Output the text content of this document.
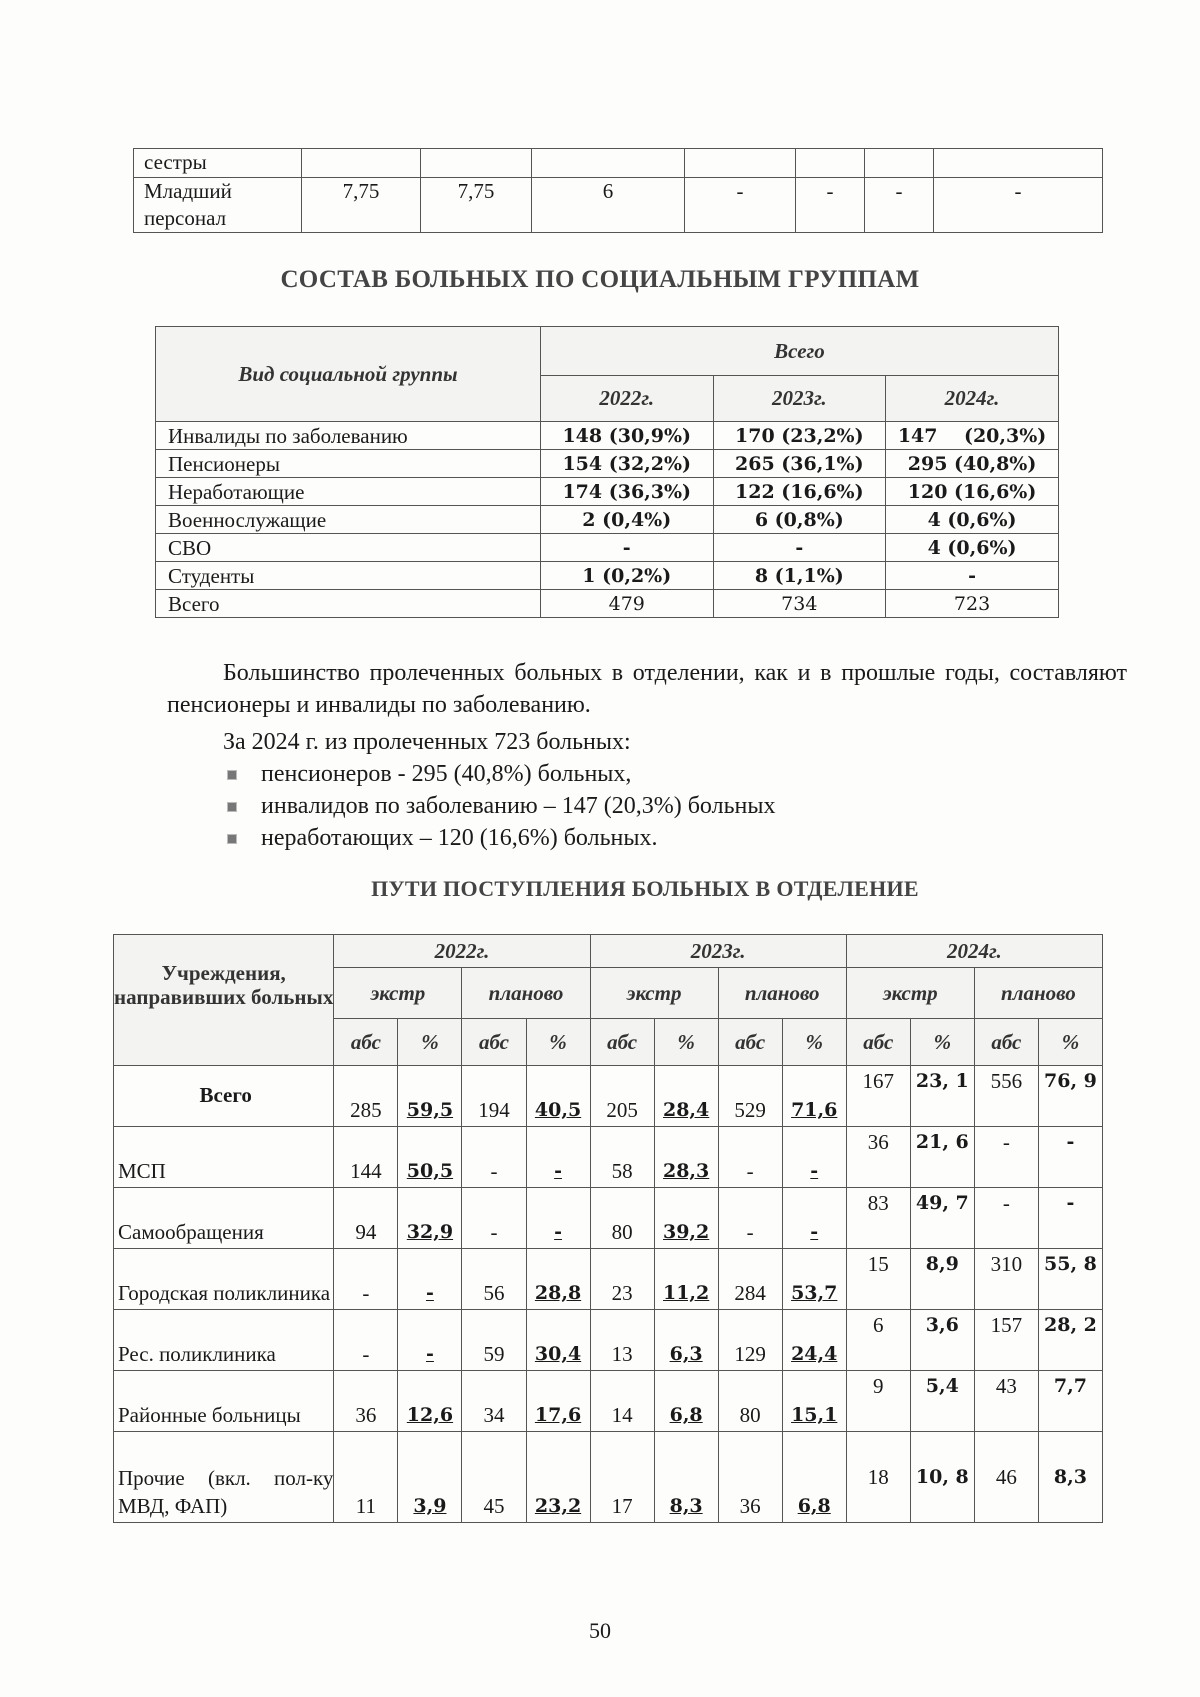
сестры							
Младший персонал	7,75	7,75	6	-	-	-	-
СОСТАВ БОЛЬНЫХ ПО СОЦИАЛЬНЫМ ГРУППАМ
Вид социальной группы	Всего		
	2022г.	2023г.	2024г.
Инвалиды по заболеванию	148 (30,9%)	170 (23,2%)	147    (20,3%)
Пенсионеры	154 (32,2%)	265 (36,1%)	295 (40,8%)
Неработающие	174 (36,3%)	122 (16,6%)	120 (16,6%)
Военнослужащие	2 (0,4%)	6 (0,8%)	4 (0,6%)
СВО	-	-	4 (0,6%)
Студенты	1 (0,2%)	8 (1,1%)	-
Всего	479	734	723

Большинство пролеченных больных в отделении, как и в прошлые годы, составляют пенсионеры и инвалиды по заболеванию.

За 2024 г. из пролеченных 723 больных:

пенсионеров - 295 (40,8%) больных,
инвалидов по заболеванию – 147 (20,3%) больных
неработающих – 120 (16,6%) больных.
ПУТИ ПОСТУПЛЕНИЯ БОЛЬНЫХ В ОТДЕЛЕНИЕ
Учреждения, направивших больных	2022г.				2023г.				2024г.			
	экстр		планово		экстр		планово		экстр		планово	
	абс	%	абс	%	абс	%	абс	%	абс	%	абс	%
Всего	285	59,5	194	40,5	205	28,4	529	71,6	167	23, 1	556	76, 9
МСП	144	50,5	-	-	58	28,3	-	-	36	21, 6	-	-
Самообращения	94	32,9	-	-	80	39,2	-	-	83	49, 7	-	-
Городская поликлиника	-	-	56	28,8	23	11,2	284	53,7	15	8,9	310	55, 8
Рес. поликлиника	-	-	59	30,4	13	6,3	129	24,4	6	3,6	157	28, 2
Районные больницы	36	12,6	34	17,6	14	6,8	80	15,1	9	5,4	43	7,7
Прочие (вкл. пол-ку МВД, ФАП)	11	3,9	45	23,2	17	8,3	36	6,8	18	10, 8	46	8,3
50
